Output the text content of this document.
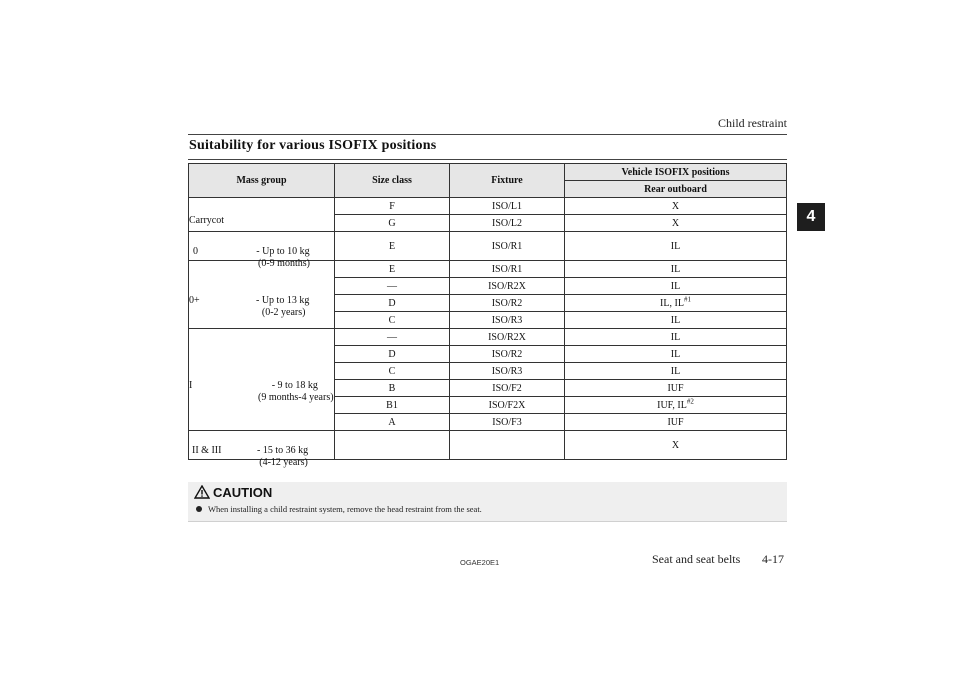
Child restraint
4
Suitability for various ISOFIX positions
Mass group	Size class	Fixture	Vehicle ISOFIX positions
			Rear outboard

Carrycot	F	ISO/L1	X
	G	ISO/L2	X

0 - Up to 10 kg
(0-9 months)	E	ISO/R1	IL

0+ - Up to 13 kg
(0-2 years)	E	ISO/R1	IL
	—	ISO/R2X	IL
	D	ISO/R2	IL, IL$^{\#1}$
	C	ISO/R3	IL

I - 9 to 18 kg
(9 months-4 years)	—	ISO/R2X	IL
	D	ISO/R2	IL
	C	ISO/R3	IL
	B	ISO/F2	IUF
	B1	ISO/F2X	IUF, IL$^{\#2}$
	A	ISO/F3	IUF

II & III - 15 to 36 kg
(4-12 years)			X
CAUTION
When installing a child restraint system, remove the head restraint from the seat.
OGAE20E1	Seat and seat belts 4-17
